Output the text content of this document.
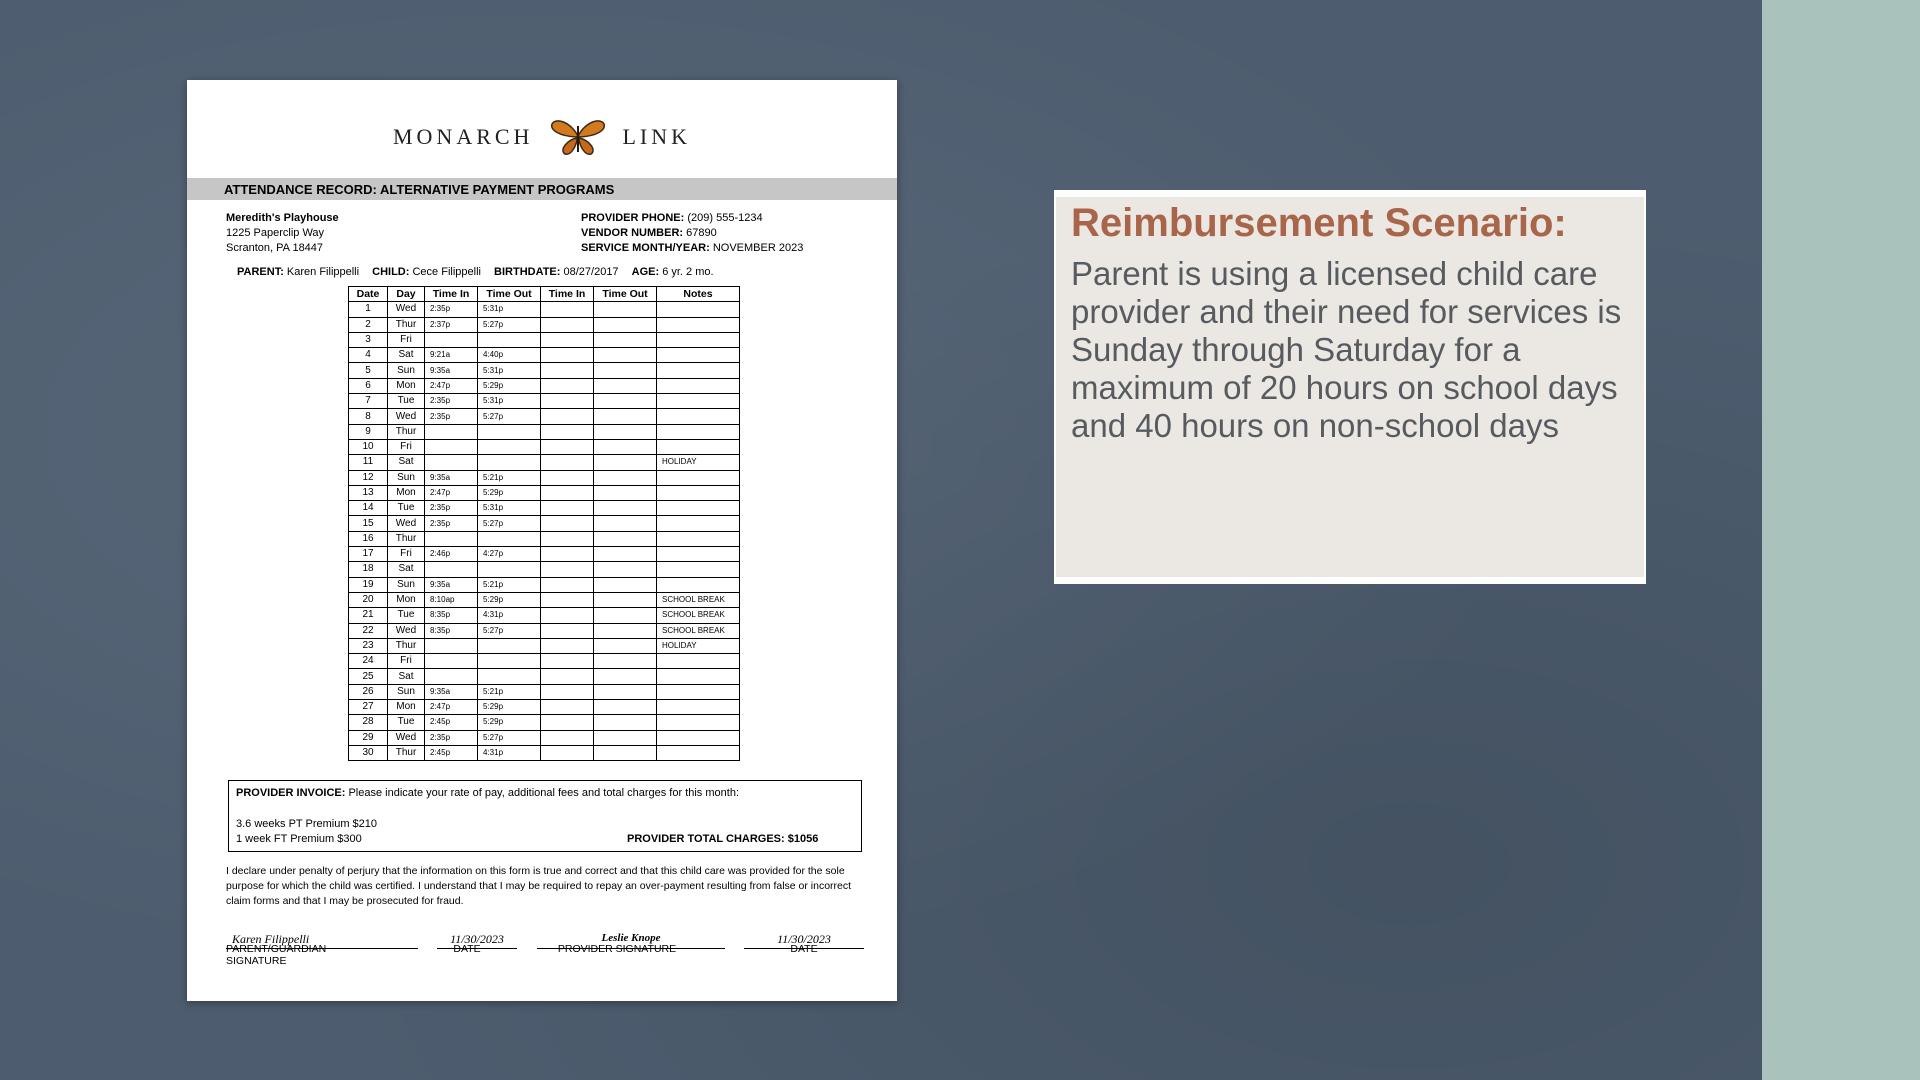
MONARCH	LINK
ATTENDANCE RECORD: ALTERNATIVE PAYMENT PROGRAMS
Meredith's Playhouse
1225 Paperclip Way
Scranton, PA 18447
PROVIDER PHONE: (209) 555-1234
VENDOR NUMBER: 67890
SERVICE MONTH/YEAR: NOVEMBER 2023
PARENT: Karen Filippelli CHILD: Cece Filippelli BIRTHDATE: 08/27/2017 AGE: 6 yr. 2 mo.
Date	Day	Time In	Time Out	Time In	Time Out	Notes
1	Wed	2:35p	5:31p			
2	Thur	2:37p	5:27p			
3	Fri					
4	Sat	9:21a	4:40p			
5	Sun	9:35a	5:31p			
6	Mon	2:47p	5:29p			
7	Tue	2:35p	5:31p			
8	Wed	2:35p	5:27p			
9	Thur					
10	Fri					
11	Sat					HOLIDAY
12	Sun	9:35a	5:21p			
13	Mon	2:47p	5:29p			
14	Tue	2:35p	5:31p			
15	Wed	2:35p	5:27p			
16	Thur					
17	Fri	2:46p	4:27p			
18	Sat					
19	Sun	9:35a	5:21p			
20	Mon	8:10ap	5:29p			SCHOOL BREAK
21	Tue	8:35p	4:31p			SCHOOL BREAK
22	Wed	8:35p	5:27p			SCHOOL BREAK
23	Thur					HOLIDAY
24	Fri					
25	Sat					
26	Sun	9:35a	5:21p			
27	Mon	2:47p	5:29p			
28	Tue	2:45p	5:29p			
29	Wed	2:35p	5:27p			
30	Thur	2:45p	4:31p			
PROVIDER INVOICE: Please indicate your rate of pay, additional fees and total charges for this month:
3.6 weeks PT Premium $210
1 week FT Premium $300	PROVIDER TOTAL CHARGES: $1056
I declare under penalty of perjury that the information on this form is true and correct and that this child care was provided for the sole purpose for which the child was certified. I understand that I may be required to repay an over-payment resulting from false or incorrect claim forms and that I may be prosecuted for fraud.
Karen Filippelli	11/30/2023	Leslie Knope	11/30/2023
PARENT/GUARDIAN SIGNATURE
DATE	PROVIDER SIGNATURE	DATE
Reimbursement Scenario:
Parent is using a licensed child care provider and their need for services is Sunday through Saturday for a maximum of 20 hours on school days and 40 hours on non-school days
